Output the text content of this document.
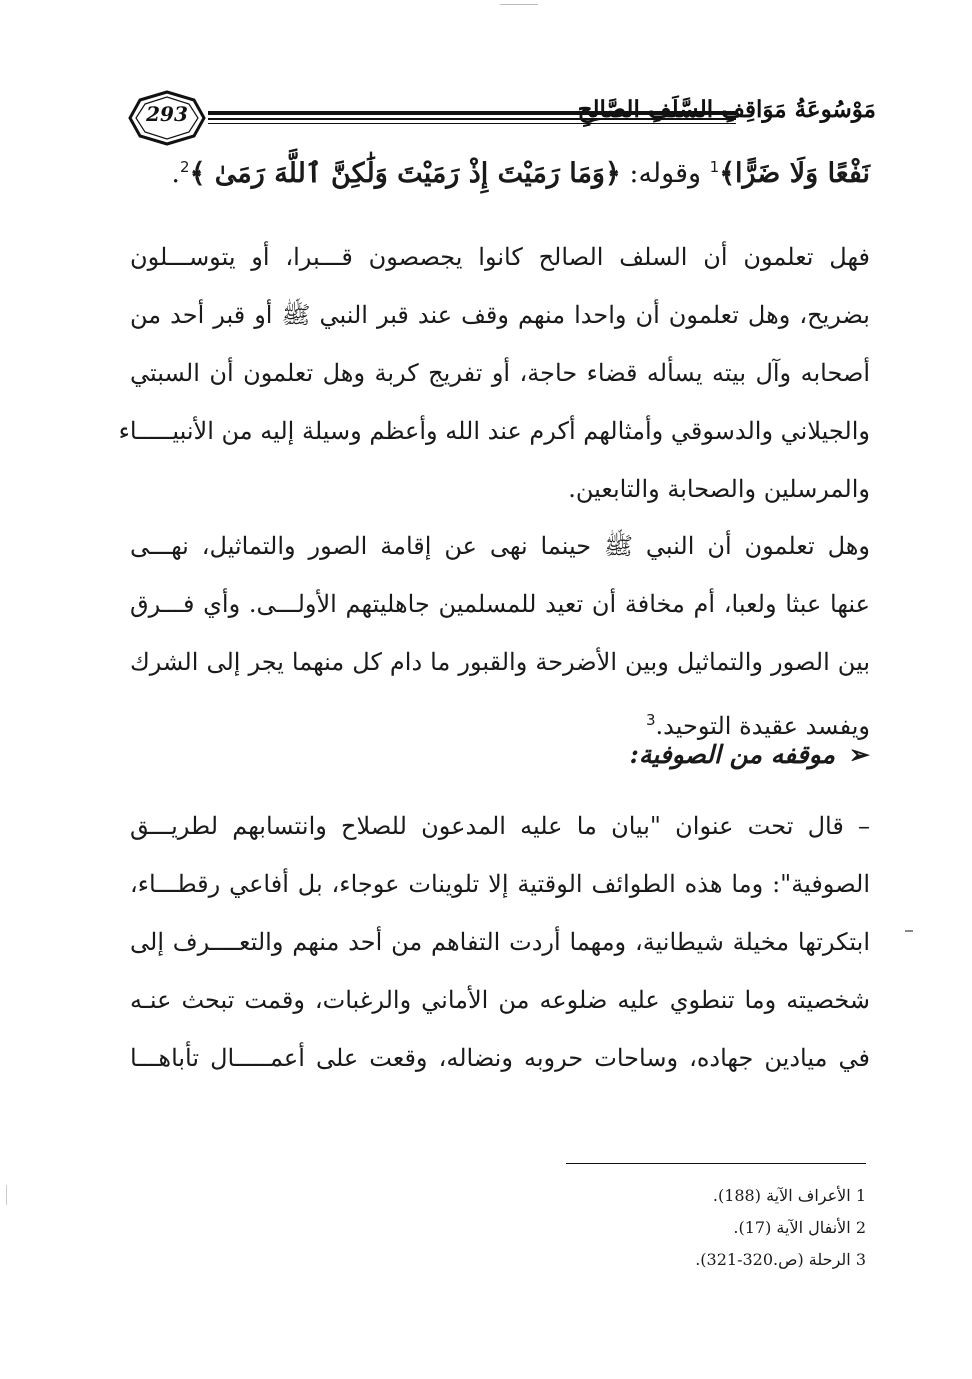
293	مَوْسُوعَةُ مَوَاقِفِ السَّلَفِ الصَّالِحِ
نَفْعًا وَلَا ضَرًّا﴾$^1$ وقوله: ﴿وَمَا رَمَيْتَ إِذْ رَمَيْتَ وَلَٰكِنَّ ٱللَّهَ رَمَىٰ ﴾$^2$.
فهل تعلمون أن السلف الصالح كانوا يجصصون قـــبرا، أو يتوســـلون
بضريح، وهل تعلمون أن واحدا منهم وقف عند قبر النبي ﷺ أو قبر أحد من
أصحابه وآل بيته يسأله قضاء حاجة، أو تفريج كربة وهل تعلمون أن السبتي
والجيلاني والدسوقي وأمثالهم أكرم عند الله وأعظم وسيلة إليه من الأنبيـــــاء
والمرسلين والصحابة والتابعين.
وهل تعلمون أن النبي ﷺ حينما نهى عن إقامة الصور والتماثيل، نهـــى
عنها عبثا ولعبا، أم مخافة أن تعيد للمسلمين جاهليتهم الأولـــى. وأي فـــرق
بين الصور والتماثيل وبين الأضرحة والقبور ما دام كل منهما يجر إلى الشرك
ويفسد عقيدة التوحيد.$^3$
➢موقفه من الصوفية:
– قال تحت عنوان "بيان ما عليه المدعون للصلاح وانتسابهم لطريـــق
الصوفية": وما هذه الطوائف الوقتية إلا تلوينات عوجاء، بل أفاعي رقطـــاء،
ابتكرتها مخيلة شيطانية، ومهما أردت التفاهم من أحد منهم والتعــــرف إلى
شخصيته وما تنطوي عليه ضلوعه من الأماني والرغبات، وقمت تبحث عنـه
في ميادين جهاده، وساحات حروبه ونضاله، وقعت على أعمـــــال تأباهـــا
1 الأعراف الآية (188).
2 الأنفال الآية (17).
3 الرحلة (ص.320-321).
